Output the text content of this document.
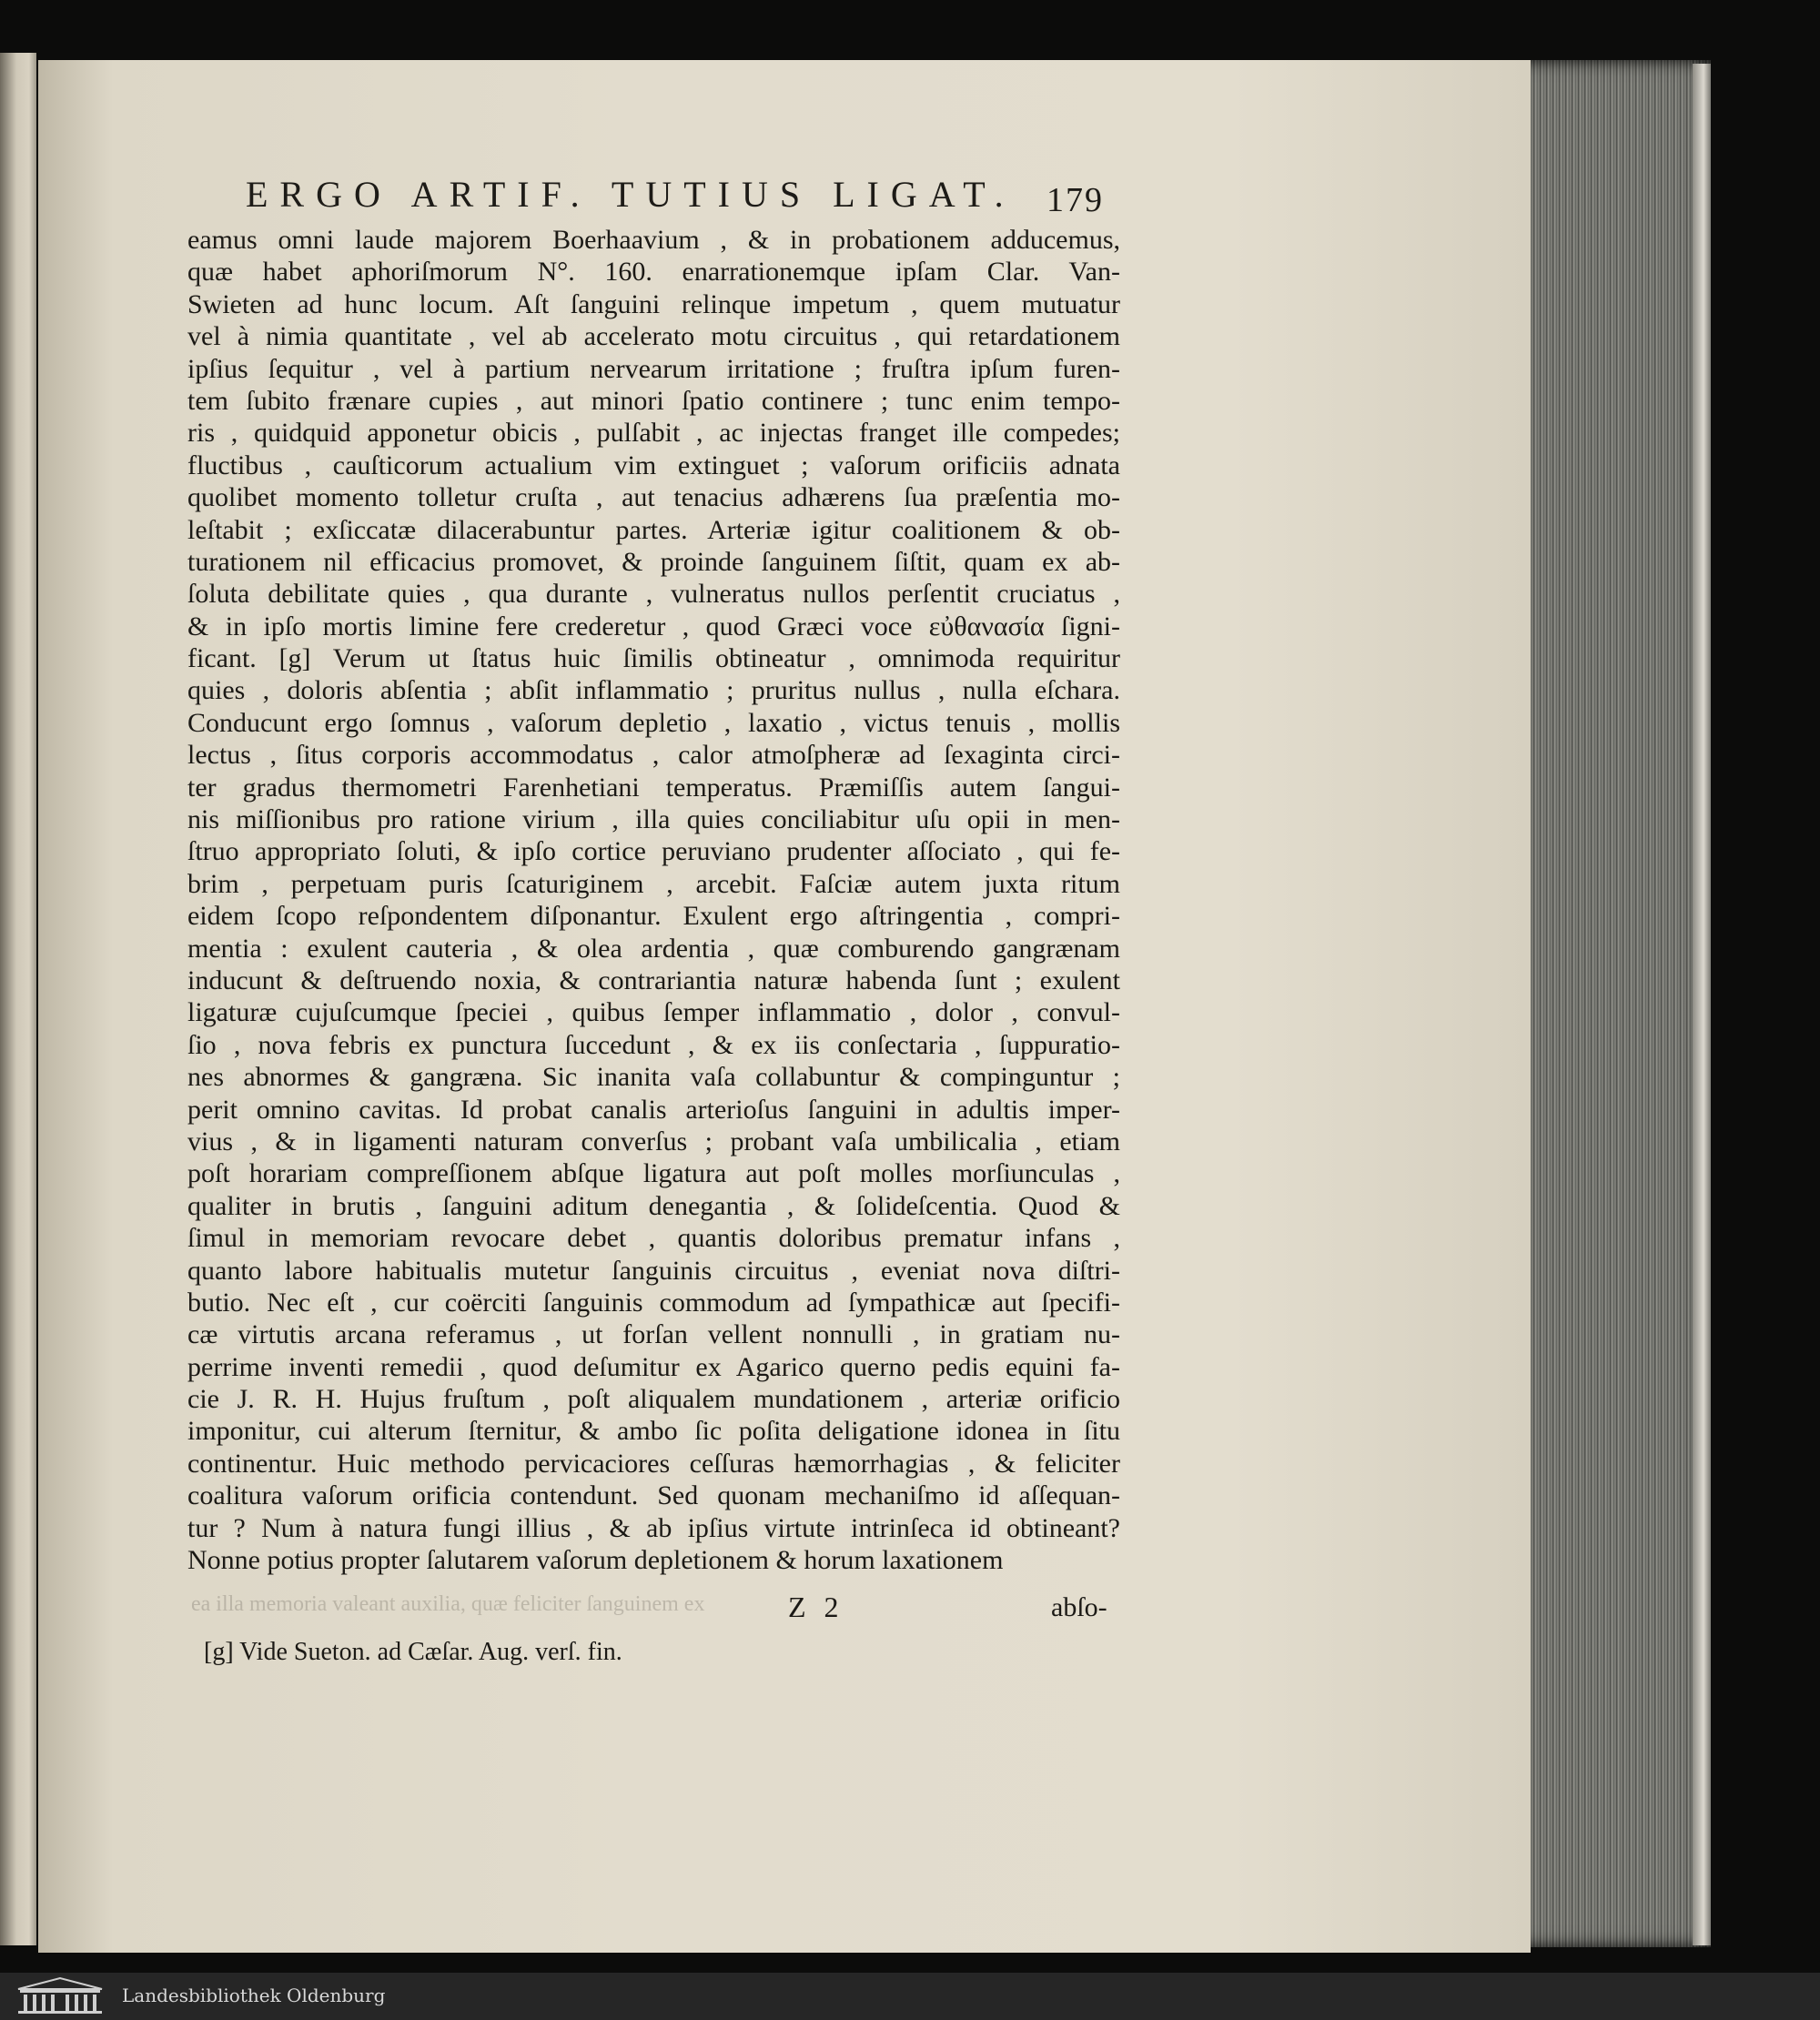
ERGO ARTIF. TUTIUS LIGAT. 179
eamus omni laude majorem Boerhaavium , & in probationem adducemus,
quæ habet aphoriſmorum N°. 160. enarrationemque ipſam Clar. Van-
Swieten ad hunc locum. Aſt ſanguini relinque impetum , quem mutuatur
vel à nimia quantitate , vel ab accelerato motu circuitus , qui retardationem
ipſius ſequitur , vel à partium nervearum irritatione ; fruſtra ipſum furen-
tem ſubito frænare cupies , aut minori ſpatio continere ; tunc enim tempo-
ris , quidquid apponetur obicis , pulſabit , ac injectas franget ille compedes;
fluctibus , cauſticorum actualium vim extinguet ; vaſorum orificiis adnata
quolibet momento tolletur cruſta , aut tenacius adhærens ſua præſentia mo-
leſtabit ; exſiccatæ dilacerabuntur partes. Arteriæ igitur coalitionem & ob-
turationem nil efficacius promovet, & proinde ſanguinem ſiſtit, quam ex ab-
ſoluta debilitate quies , qua durante , vulneratus nullos perſentit cruciatus ,
& in ipſo mortis limine fere crederetur , quod Græci voce εὐθανασία ſigni-
ficant. [g] Verum ut ſtatus huic ſimilis obtineatur , omnimoda requiritur
quies , doloris abſentia ; abſit inflammatio ; pruritus nullus , nulla eſchara.
Conducunt ergo ſomnus , vaſorum depletio , laxatio , victus tenuis , mollis
lectus , ſitus corporis accommodatus , calor atmoſpheræ ad ſexaginta circi-
ter gradus thermometri Farenhetiani temperatus. Præmiſſis autem ſangui-
nis miſſionibus pro ratione virium , illa quies conciliabitur uſu opii in men-
ſtruo appropriato ſoluti, & ipſo cortice peruviano prudenter aſſociato , qui fe-
brim , perpetuam puris ſcaturiginem , arcebit. Faſciæ autem juxta ritum
eidem ſcopo reſpondentem diſponantur. Exulent ergo aſtringentia , compri-
mentia : exulent cauteria , & olea ardentia , quæ comburendo gangrænam
inducunt & deſtruendo noxia, & contrariantia naturæ habenda ſunt ; exulent
ligaturæ cujuſcumque ſpeciei , quibus ſemper inflammatio , dolor , convul-
ſio , nova febris ex punctura ſuccedunt , & ex iis conſectaria , ſuppuratio-
nes abnormes & gangræna. Sic inanita vaſa collabuntur & compinguntur ;
perit omnino cavitas. Id probat canalis arterioſus ſanguini in adultis imper-
vius , & in ligamenti naturam converſus ; probant vaſa umbilicalia , etiam
poſt horariam compreſſionem abſque ligatura aut poſt molles morſiunculas ,
qualiter in brutis , ſanguini aditum denegantia , & ſolideſcentia. Quod &
ſimul in memoriam revocare debet , quantis doloribus prematur infans ,
quanto labore habitualis mutetur ſanguinis circuitus , eveniat nova diſtri-
butio. Nec eſt , cur coërciti ſanguinis commodum ad ſympathicæ aut ſpecifi-
cæ virtutis arcana referamus , ut forſan vellent nonnulli , in gratiam nu-
perrime inventi remedii , quod deſumitur ex Agarico querno pedis equini fa-
cie J. R. H. Hujus fruſtum , poſt aliqualem mundationem , arteriæ orificio
imponitur, cui alterum ſternitur, & ambo ſic poſita deligatione idonea in ſitu
continentur. Huic methodo pervicaciores ceſſuras hæmorrhagias , & feliciter
coalitura vaſorum orificia contendunt. Sed quonam mechaniſmo id aſſequan-
tur ? Num à natura fungi illius , & ab ipſius virtute intrinſeca id obtineant?
Nonne potius propter ſalutarem vaſorum depletionem & horum laxationem
ea illa memoria valeant auxilia, quæ feliciter ſanguinem ex	Z 2	abſo-
[g] Vide Sueton. ad Cæſar. Aug. verſ. fin.
Landesbibliothek Oldenburg
